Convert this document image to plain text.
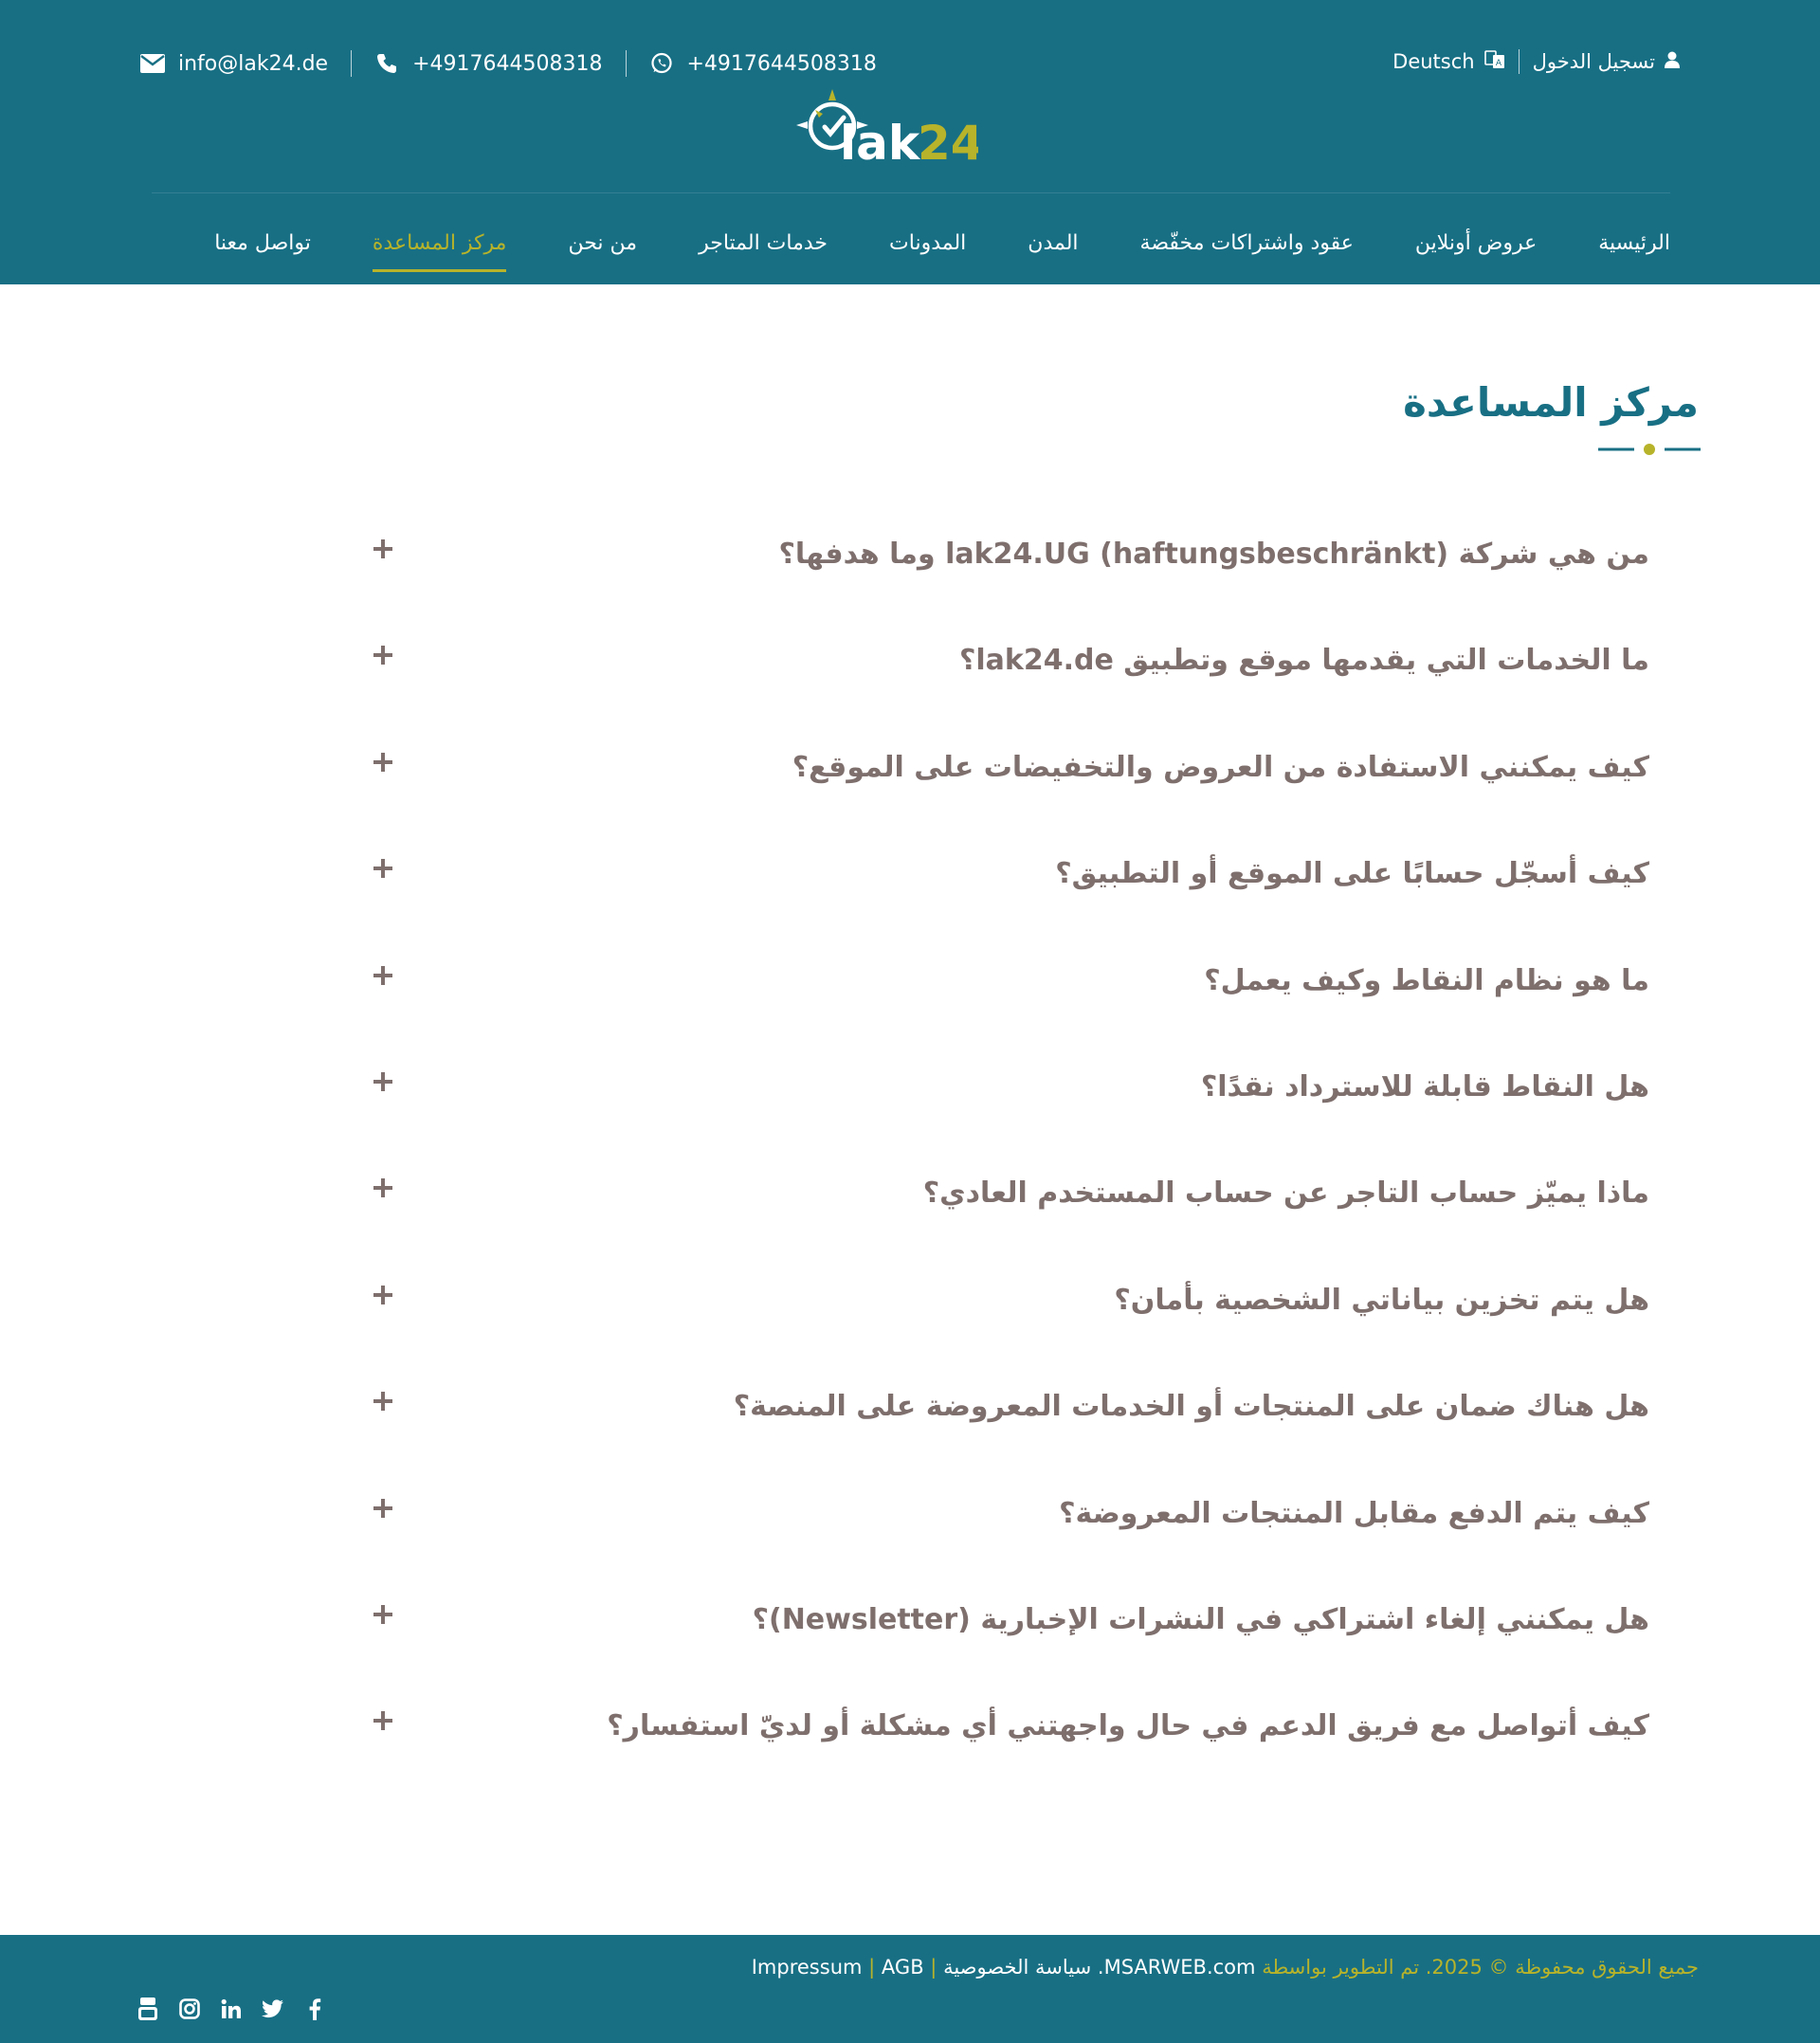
info@lak24.de	+4917644508318	+4917644508318	تسجيل الدخول
A
Deutsch
lak
24
الرئيسية
عروض أونلاين
عقود واشتراكات مخفّضة
المدن
المدونات
خدمات المتاجر
من نحن
مركز المساعدة
تواصل معنا
مركز المساعدة
من هي شركة lak24.UG (haftungsbeschränkt) وما هدفها؟
ما الخدمات التي يقدمها موقع وتطبيق lak24.de؟
كيف يمكنني الاستفادة من العروض والتخفيضات على الموقع؟
كيف أسجّل حسابًا على الموقع أو التطبيق؟
ما هو نظام النقاط وكيف يعمل؟
هل النقاط قابلة للاسترداد نقدًا؟
ماذا يميّز حساب التاجر عن حساب المستخدم العادي؟
هل يتم تخزين بياناتي الشخصية بأمان؟
هل هناك ضمان على المنتجات أو الخدمات المعروضة على المنصة؟
كيف يتم الدفع مقابل المنتجات المعروضة؟
هل يمكنني إلغاء اشتراكي في النشرات الإخبارية (Newsletter)؟
كيف أتواصل مع فريق الدعم في حال واجهتني أي مشكلة أو لديّ استفسار؟
جميع الحقوق محفوظة © 2025. تم التطوير بواسطة MSARWEB.com. سياسة الخصوصية | Impressum | AGB
